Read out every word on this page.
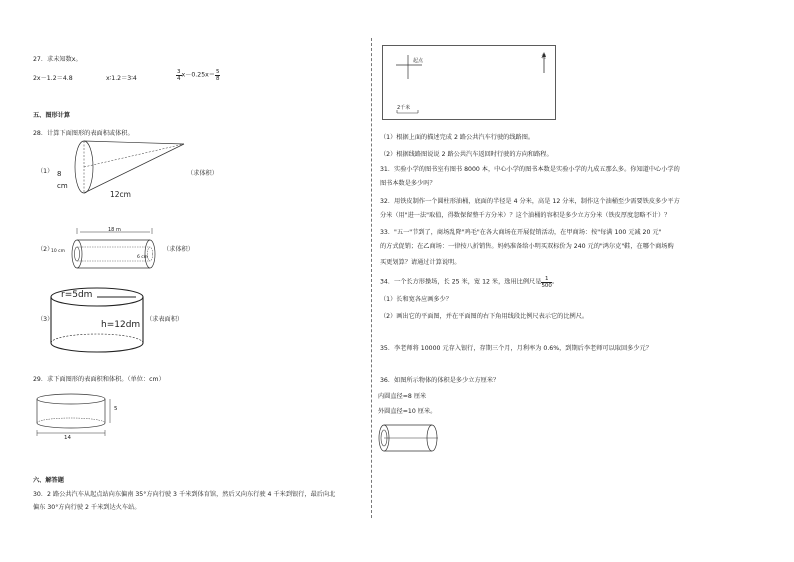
27．求未知数x。
2x－1.2＝4.8	x∶1.2＝3∶4	$\frac{3}{4} x-0.25x= \frac{5}{8}$
五、图形计算
28．计算下面图形的表面积或体积。
（1） 8
cm
12cm
（求体积）
（2）
18 m
10 cm
6 cm
（求体积）
（3）
r=5dm
h=12dm
（求表面积）
29．求下面图形的表面积和体积。（单位：cm）
5
14
六、解答题
30．2 路公共汽车从起点站向东偏南 35°方向行驶 3 千米到体育馆，然后又向东行驶 4 千米到银行，最后向北
偏东 30°方向行驶 2 千米到达火车站。
起点
北
2千米
（1）根据上面的描述完成 2 路公共汽车行驶的线路图。
（2）根据线路图说说 2 路公共汽车返回时行驶的方向和路程。
31．实验小学的图书室有图书 8000 本，中心小学的图书本数是实验小学的九成五那么多。你知道中心小学的
图书本数是多少吗？
32．用铁皮制作一个圆柱形油桶，底面的半径是 4 分米，高是 12 分米，制作这个油桶至少需要铁皮多少平方
分米（用"进一法"取值，得数保留整千方分米）？这个油桶的容积是多少立方分米（铁皮厚度忽略不计）？
33．"五一"节到了，商场乱降"鸡毛"在各大商场在开展促销活动，在甲商场：按"每满 100 元减 20 元"
的方式促销；在乙商场：一律按八折销售。妈妈准备给小明买双标价为 240 元的"鸿尔克"鞋，在哪个商场购
买更划算？请通过计算说明。
34．一个长方形操场，长 25 米，宽 12 米，选用比例尺是 $\frac{1}{500}$ 。
（1）长和宽各应画多少？
（2）画出它的平面图，并在平面图的右下角用线段比例尺表示它的比例尺。
35．李老师将 10000 元存入银行，存期三个月，月利率为 0.6%，到期后李老师可以取回多少元？
36．如图所示物体的体积是多少立方厘米？
内圆直径=8 厘米
外圆直径=10 厘米。
